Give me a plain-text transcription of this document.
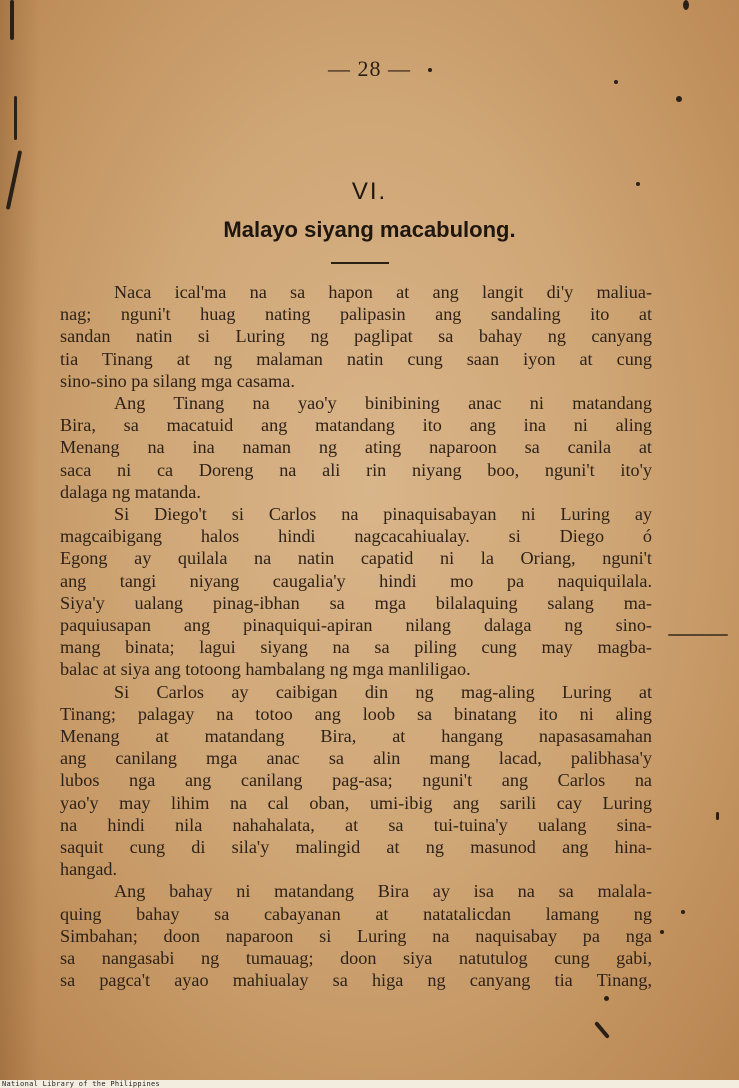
— 28 —
VI.
Malayo siyang macabulong.
Naca ical'ma na sa hapon at ang langit di'y maliua-
nag; nguni't huag nating palipasin ang sandaling ito at
sandan natin si Luring ng paglipat sa bahay ng canyang
tia Tinang at ng malaman natin cung saan iyon at cung
sino-sino pa silang mga casama.
Ang Tinang na yao'y binibining anac ni matandang
Bira, sa macatuid ang matandang ito ang ina ni aling
Menang na ina naman ng ating naparoon sa canila at
saca ni ca Doreng na ali rin niyang boo, nguni't ito'y
dalaga ng matanda.
Si Diego't si Carlos na pinaquisabayan ni Luring ay
magcaibigang halos hindi nagcacahiualay. si Diego ó
Egong ay quilala na natin capatid ni la Oriang, nguni't
ang tangi niyang caugalia'y hindi mo pa naquiquilala.
Siya'y ualang pinag-ibhan sa mga bilalaquing salang ma-
paquiusapan ang pinaquiqui-apiran nilang dalaga ng sino-
mang binata; lagui siyang na sa piling cung may magba-
balac at siya ang totoong hambalang ng mga manliligao.
Si Carlos ay caibigan din ng mag-aling Luring at
Tinang; palagay na totoo ang loob sa binatang ito ni aling
Menang at matandang Bira, at hangang napasasamahan
ang canilang mga anac sa alin mang lacad, palibhasa'y
lubos nga ang canilang pag-asa; nguni't ang Carlos na
yao'y may lihim na cal oban, umi-ibig ang sarili cay Luring
na hindi nila nahahalata, at sa tui-tuina'y ualang sina-
saquit cung di sila'y malingid at ng masunod ang hina-
hangad.
Ang bahay ni matandang Bira ay isa na sa malala-
quing bahay sa cabayanan at natatalicdan lamang ng
Simbahan; doon naparoon si Luring na naquisabay pa nga
sa nangasabi ng tumauag; doon siya natutulog cung gabi,
sa pagca't ayao mahiualay sa higa ng canyang tia Tinang,
National Library of the Philippines
